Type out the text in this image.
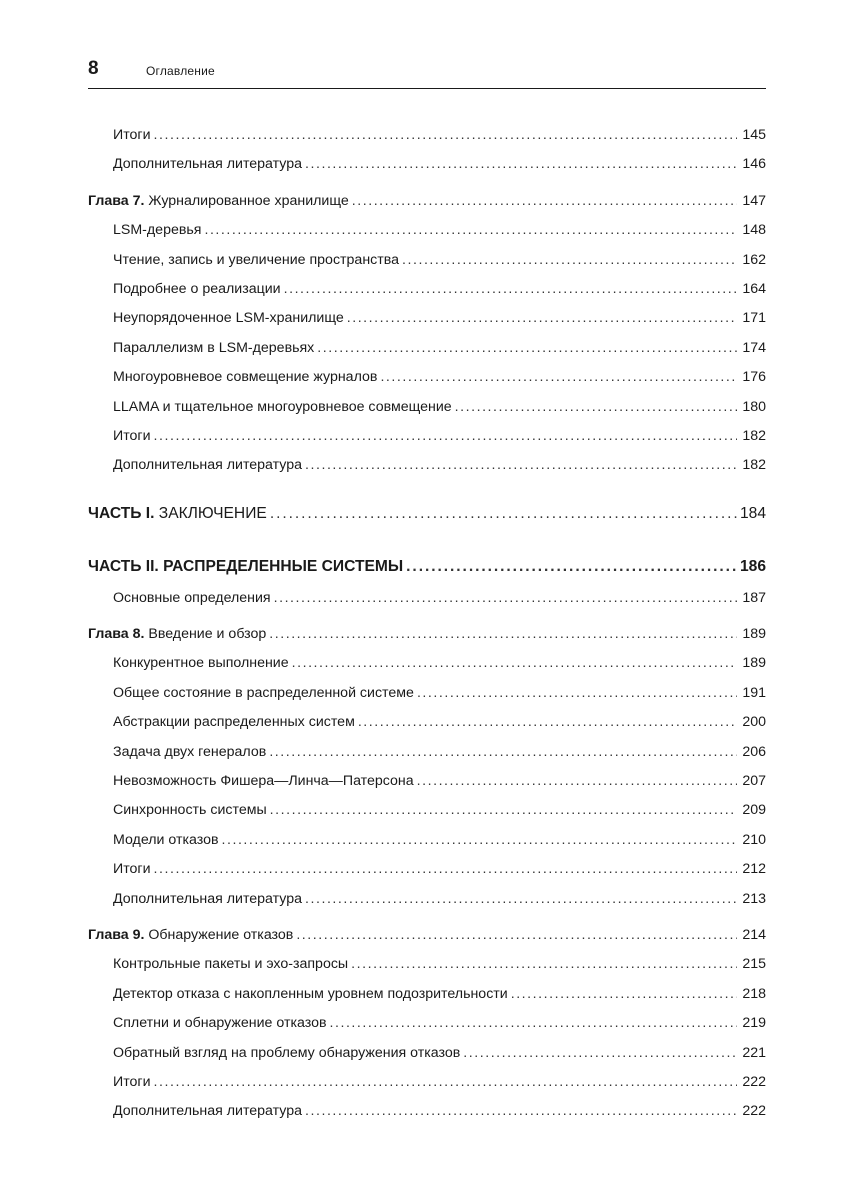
8	Оглавление
Итоги . . .	145
Дополнительная литература . . .	146
Глава 7. Журналированное хранилище . . .	147
LSM-деревья . . .	148
Чтение, запись и увеличение пространства . . .	162
Подробнее о реализации . . .	164
Неупорядоченное LSM-хранилище . . .	171
Параллелизм в LSM-деревьях . . .	174
Многоуровневое совмещение журналов . . .	176
LLAMA и тщательное многоуровневое совмещение . . .	180
Итоги . . .	182
Дополнительная литература . . .	182
ЧАСТЬ I. ЗАКЛЮЧЕНИЕ . . .	184
ЧАСТЬ II. РАСПРЕДЕЛЕННЫЕ СИСТЕМЫ . . .	186
Основные определения . . .	187
Глава 8. Введение и обзор . . .	189
Конкурентное выполнение . . .	189
Общее состояние в распределенной системе . . .	191
Абстракции распределенных систем . . .	200
Задача двух генералов . . .	206
Невозможность Фишера—Линча—Патерсона . . .	207
Синхронность системы . . .	209
Модели отказов . . .	210
Итоги . . .	212
Дополнительная литература . . .	213
Глава 9. Обнаружение отказов . . .	214
Контрольные пакеты и эхо-запросы . . .	215
Детектор отказа с накопленным уровнем подозрительности . . .	218
Сплетни и обнаружение отказов . . .	219
Обратный взгляд на проблему обнаружения отказов . . .	221
Итоги . . .	222
Дополнительная литература . . .	222
